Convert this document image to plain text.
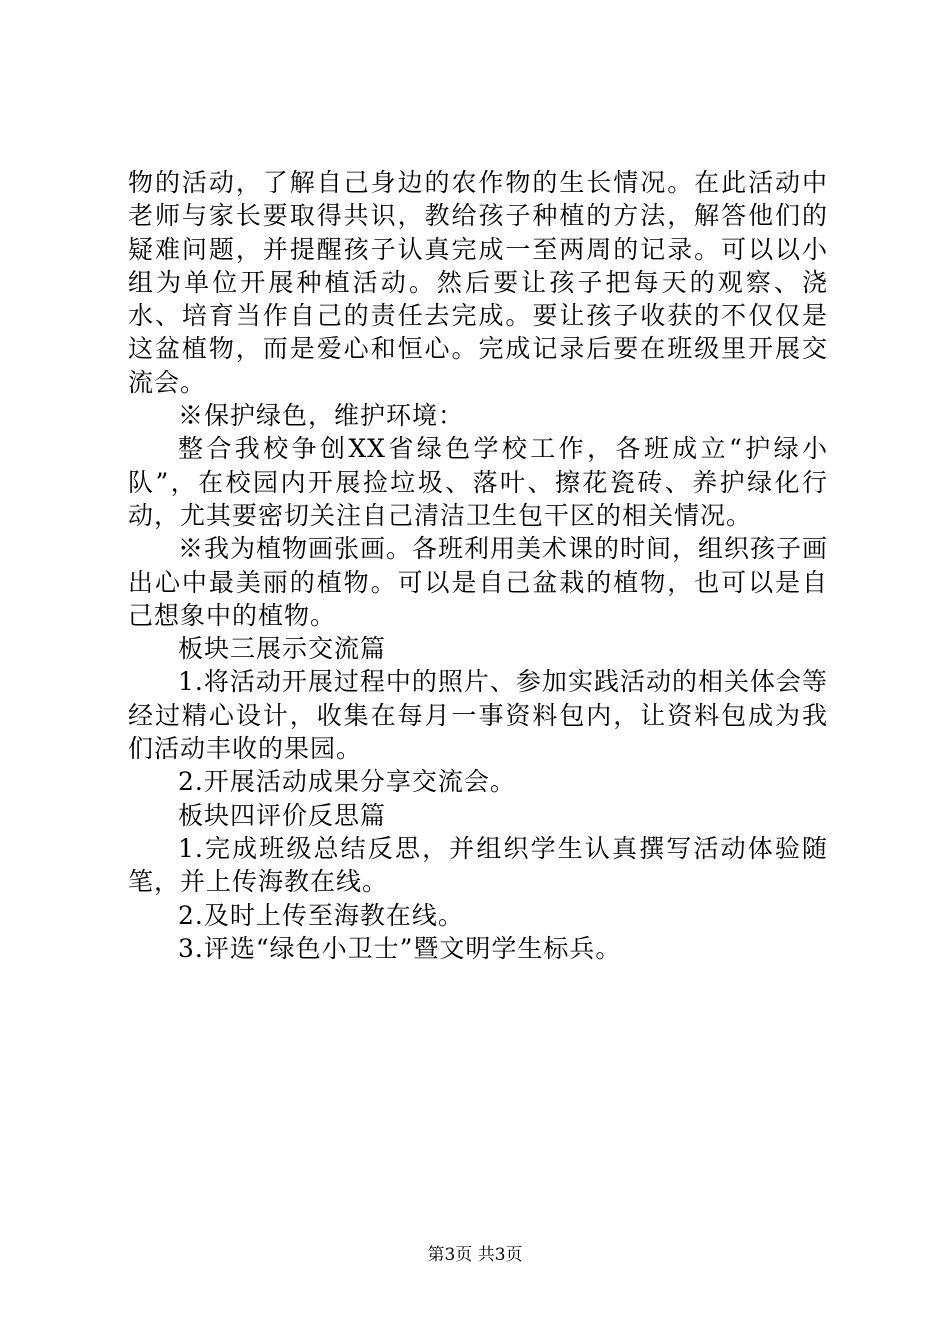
物的活动，了解自己身边的农作物的生长情况。在此活动中老师与家长要取得共识，教给孩子种植的方法，解答他们的疑难问题，并提醒孩子认真完成一至两周的记录。可以以小组为单位开展种植活动。然后要让孩子把每天的观察、浇水、培育当作自己的责任去完成。要让孩子收获的不仅仅是这盆植物，而是爱心和恒心。完成记录后要在班级里开展交流会。

※保护绿色，维护环境：

整合我校争创XX省绿色学校工作，各班成立“护绿小队”，在校园内开展捡垃圾、落叶、擦花瓷砖、养护绿化行动，尤其要密切关注自己清洁卫生包干区的相关情况。

※我为植物画张画。各班利用美术课的时间，组织孩子画出心中最美丽的植物。可以是自己盆栽的植物，也可以是自己想象中的植物。

板块三展示交流篇

1.将活动开展过程中的照片、参加实践活动的相关体会等经过精心设计，收集在每月一事资料包内，让资料包成为我们活动丰收的果园。

2.开展活动成果分享交流会。

板块四评价反思篇

1.完成班级总结反思，并组织学生认真撰写活动体验随笔，并上传海教在线。

2.及时上传至海教在线。

3.评选“绿色小卫士”暨文明学生标兵。

第3页 共3页
